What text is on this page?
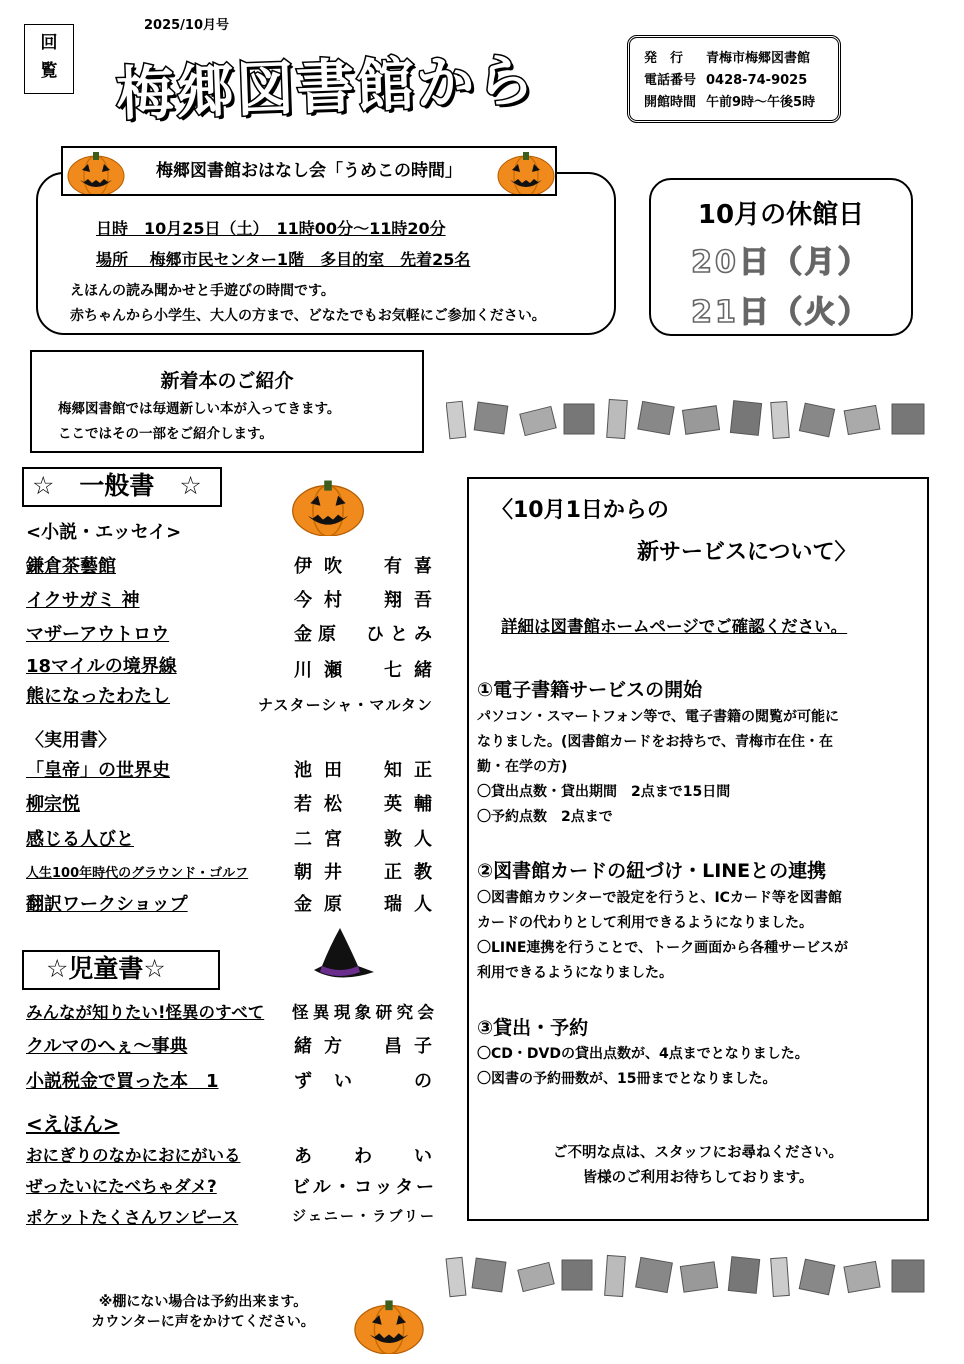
2025/10月号
回
覧 梅郷図書館から	発　行 青梅市梅郷図書館
電話番号 0428-74-9025
開館時間 午前9時～午後5時
梅郷図書館おはなし会「うめこの時間」
日時　10月25日（土）　11時00分～11時20分
場所　 梅郷市民センター1階　多目的室　先着25名
えほんの読み聞かせと手遊びの時間です。
赤ちゃんから小学生、大人の方まで、どなたでもお気軽にご参加ください。
10月の休館日
20日（月）
21日（火）
新着本のご紹介
梅郷図書館では毎週新しい本が入ってきます。
ここではその一部をご紹介します。
☆　一般書　☆
<小説・エッセイ>
鎌倉茶藝館	伊吹　有喜
イクサガミ 神	今村　翔吾
マザーアウトロウ	金原　ひとみ
18マイルの境界線	川瀬　七緒
熊になったわたし	ナスターシャ・マルタン
〈実用書〉
「皇帝」の世界史	池田　知正
柳宗悦	若松　英輔
感じる人びと	二宮　敦人
人生100年時代のグラウンド・ゴルフ	朝井　正教
翻訳ワークショップ	金原　瑞人
☆児童書☆
みんなが知りたい!怪異のすべて 怪異現象研究会
クルマのへぇ～事典	緒方　昌子
小説税金で買った本　1	ずい　の
<えほん>
おにぎりのなかにおにがいる	あわい
ぜったいにたべちゃダメ?	ビル・コッター
ポケットたくさんワンピース	ジェニー・ラブリー
〈10月1日からの
新サービスについて〉
詳細は図書館ホームページでご確認ください。
①電子書籍サービスの開始
パソコン・スマートフォン等で、電子書籍の閲覧が可能に
なりました。(図書館カードをお持ちで、青梅市在住・在
勤・在学の方)
〇貸出点数・貸出期間　2点まで15日間
〇予約点数　2点まで
②図書館カードの紐づけ・LINEとの連携
〇図書館カウンターで設定を行うと、ICカード等を図書館
カードの代わりとして利用できるようになりました。
〇LINE連携を行うことで、トーク画面から各種サービスが
利用できるようになりました。
③貸出・予約
〇CD・DVDの貸出点数が、4点までとなりました。
〇図書の予約冊数が、15冊までとなりました。
ご不明な点は、スタッフにお尋ねください。
皆様のご利用お待ちしております。
※棚にない場合は予約出来ます。
カウンターに声をかけてください。
